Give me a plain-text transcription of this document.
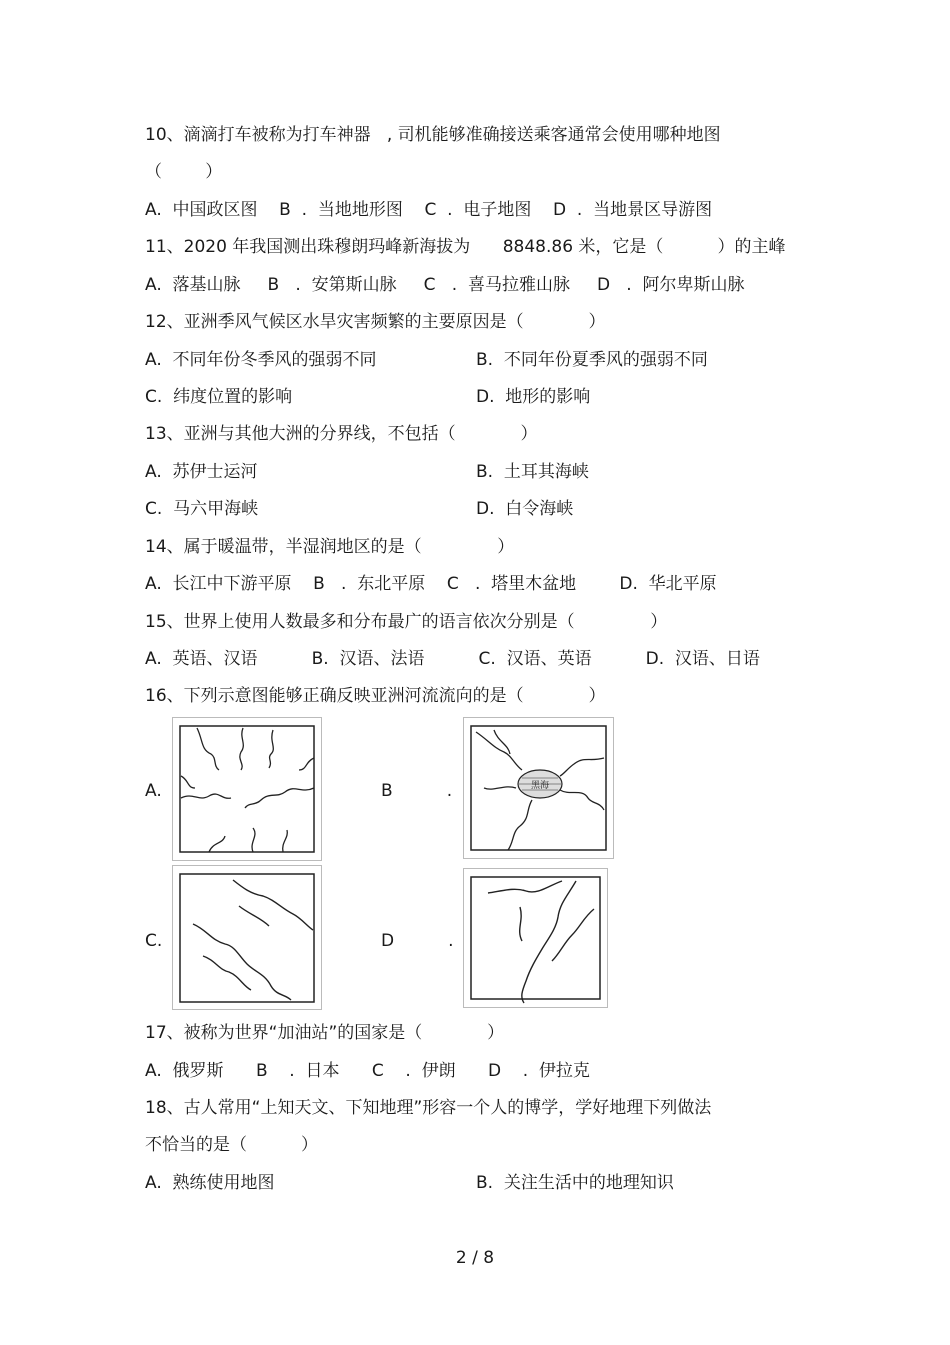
10、滴滴打车被称为打车神器   , 司机能够准确接送乘客通常会使用哪种地图
（        ）
A.  中国政区图    B  .  当地地形图    C  .  电子地图    D  .  当地景区导游图
11、2020 年我国测出珠穆朗玛峰新海拔为      8848.86 米，它是（          ）的主峰
A.  落基山脉     B   .  安第斯山脉     C   .  喜马拉雅山脉     D   .  阿尔卑斯山脉
12、亚洲季风气候区水旱灾害频繁的主要原因是（            ）
A.  不同年份冬季风的强弱不同	B.  不同年份夏季风的强弱不同
C.  纬度位置的影响	D.  地形的影响
13、亚洲与其他大洲的分界线，不包括（            ）
A.  苏伊士运河	B.  土耳其海峡
C.  马六甲海峡	D.  白令海峡
14、属于暖温带，半湿润地区的是（              ）
A.  长江中下游平原    B   .  东北平原    C   .  塔里木盆地        D.  华北平原
15、世界上使用人数最多和分布最广的语言依次分别是（              ）
A.  英语、汉语          B.  汉语、法语          C.  汉语、英语          D.  汉语、日语
16、下列示意图能够正确反映亚洲河流流向的是（            ）
A.	B          .	黑海
C.	D          .
17、被称为世界“加油站”的国家是（            ）
A.  俄罗斯      B    .  日本      C    .  伊朗      D    .  伊拉克
18、古人常用“上知天文、下知地理”形容一个人的博学，学好地理下列做法
不恰当的是（          ）
A.  熟练使用地图	B.  关注生活中的地理知识
2 / 8
